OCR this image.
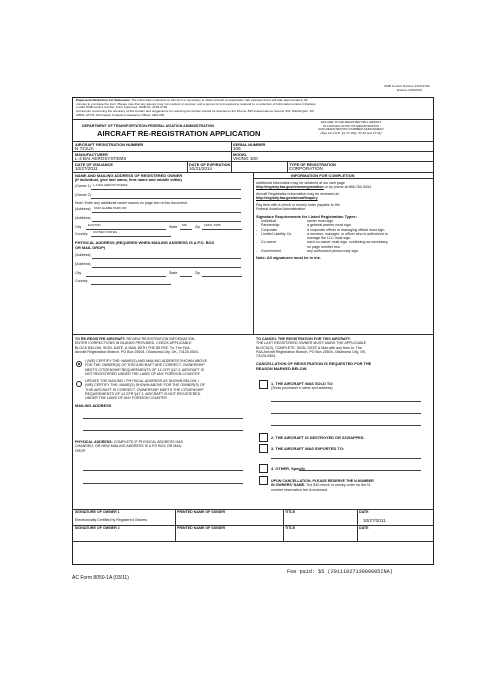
OMB Control Number 2120-0729
Expires 2/29/2012
Paperwork Reduction Act Statement: The information collected on this form is necessary to obtain aircraft re-registration. We estimate that it will take approximately 30
minutes to complete the form. Please note that any agency may not conduct or sponsor, and a person is not required to respond to, a collection of information unless it displays
a valid OMB control number. Form Approved, OMB No. 2120-0729
Comments concerning the accuracy of this burden and suggestions for reducing the burden should be directed to the FAA at: 800 Independence Avenue SW, Washington, DC
20591, ATTN: Information Collection Clearance Officer, AES-200
DEPARTMENT OF TRANSPORTATION-FEDERAL AVIATION ADMINISTRATION
AIRCRAFT RE-REGISTRATION APPLICATION
FAILURE TO RE-REGISTER WILL RESULT
IN CANCELLATION OF REGISTRATION
AND REGISTRATION NUMBER ASSIGNMENT
(See 14 C.F.R. §§ 47.15(i), 47.40 and 47.41)
AIRCRAFT REGISTRATION NUMBER
N 721UA
SERIAL NUMBER
106
MANUFACTURER
L-3 BAI AEROSYSTEMS
MODEL
VIKING 100
DATE OF ISSUANCE
10/27/2011
DATE OF EXPIRATION
10/31/2014
TYPE OF REGISTRATION
CORPORATION
NAME AND MAILING ADDRESS OF REGISTERED OWNER
(If individual, give last name, first name and middle initial)
(Owner 1) L-3 BAI AEROSYSTEMS
(Owner 2)
Note: Enter any additional owner names on page two of this document.
(Address) 9043 GLEBE PARK DR
(Address)
City EASTON	State MD Zip 21601-7085
Country UNITED STATES
PHYSICAL ADDRESS (REQUIRED WHEN MAILING ADDRESS IS A P.O. BOX
OR MAIL DROP)
(Address)
(Address)
City	State	Zip
Country
INFORMATION FOR COMPLETION
Additional information may be obtained at our web page
http://registry.faa.gov/renewregistration or by phone at 866-762-9434.
Aircraft Registration information may be reviewed at :
http://registry.faa.gov/aircraftinquiry
Pay fees with a check or money order payable to the
Federal Aviation Administration.
Signature Requirements for Listed Registration Types:
-	Individual	owner must sign.
-	Partnership	a general partner must sign.
-	Corporate	a corporate officer or managing official must sign.
-	Limited Liability Co.	a member, manager, or officer who is authorized to
manage the LLC must sign.
-	Co-owner	each co-owner must sign, continuing as necessary,
on page number two.
-	Government	any authorized person may sign.
Note: All signatures must be in ink.
TO RE-REGISTER AIRCRAFT: REVIEW REGISTRATION INFORMATION,
ENTER CORRECTIONS IN BLANKS PROVIDED. CHECK APPLICABLE
BLOCK BELOW. SIGN, DATE, & MAIL WITH THE $5 FEE. To: The FAA
Aircraft Registration Branch, PO Box 25504, Oklahoma City, OK, 73125-0504.
I (WE) CERTIFY THE: NAME(S) AND MAILING ADDRESS SHOWN ABOVE
FOR THE OWNER(S) OF THIS AIRCRAFT ARE CORRECT, OWNERSHIP
MEETS CITIZENSHIP REQUIREMENTS OF 14 CFR §47.3, AIRCRAFT IS
NOT REGISTERED UNDER THE LAWS OF ANY FOREIGN COUNTRY.
UPDATE THE MAILING / PHYSICAL ADDRESS AS SHOWN BELOW. I
(WE) CERTIFY THE: NAME(S) SHOWN ABOVE FOR THE OWNER(S) OF
THIS AIRCRAFT IS CORRECT, OWNERSHIP MEETS THE CITIZENSHIP
REQUIREMENTS OF 14 CFR §47.3, AIRCRAFT IS NOT REGISTERED
UNDER THE LAWS OF ANY FOREIGN COUNTRY.
MAILING ADDRESS
PHYSICAL ADDRESS: COMPLETE IF PHYSICAL ADDRESS HAS
CHANGED; OR NEW MAILING ADDRESS IS A PO BOX OR MAIL
DROP.
TO CANCEL THE REGISTRATION FOR THIS AIRCRAFT:
THE LAST REGISTERED OWNER MUST: MARK THE APPLICABLE
BLOCK(S), COMPLETE, SIGN, DATE & Mail with any fees to: The
FAA Aircraft Registration Branch, PO Box 25504, Oklahoma City, OK,
73125-0504.
CANCELLATION OF REGISTRATION IS REQUESTED FOR THE
REASON MARKED BELOW.
1. THE AIRCRAFT WAS SOLD TO:
(Show purchaser's name and address)
2. THE AIRCRAFT IS DESTROYED OR SCRAPPED.
3. THE AIRCRAFT WAS EXPORTED TO:
4. OTHER, Specify
UPON CANCELLATION, PLEASE RESERVE THE N-NUMBER
IN OWNERS' NAME. The $10 check or money order for the N-
number reservation fee is enclosed.
SIGNATURE OF OWNER 1
Electronically Certified by Registered Owners
PRINTED NAME OF SIGNER	TITLE	DATE
10/27/2011
SIGNATURE OF OWNER 2	PRINTED NAME OF SIGNER	TITLE	DATE
Fee paid: $5 (2011102713000085INA)
AC Form 8050-1A (03/11)
